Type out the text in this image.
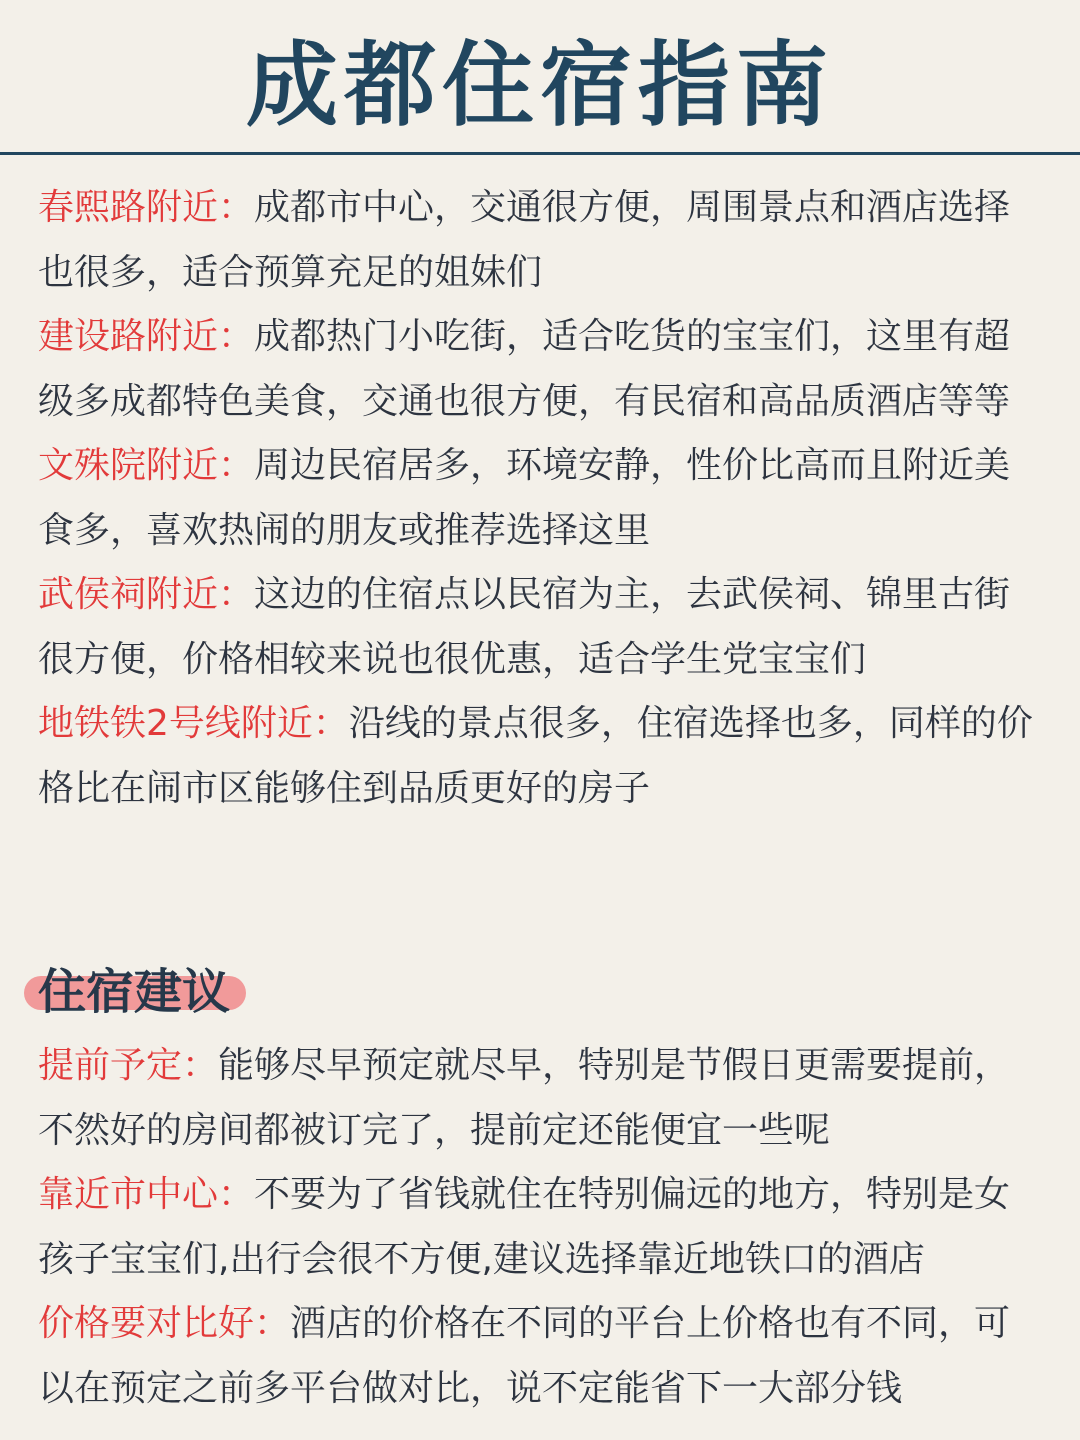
成都住宿指南

春熙路附近：成都市中心，交通很方便，周围景点和酒店选择也很多，适合预算充足的姐妹们

建设路附近：成都热门小吃街，适合吃货的宝宝们，这里有超级多成都特色美食，交通也很方便，有民宿和高品质酒店等等

文殊院附近：周边民宿居多，环境安静，性价比高而且附近美食多，喜欢热闹的朋友或推荐选择这里

武侯祠附近：这边的住宿点以民宿为主，去武侯祠、锦里古街很方便，价格相较来说也很优惠，适合学生党宝宝们

地铁铁2号线附近：沿线的景点很多，住宿选择也多，同样的价格比在闹市区能够住到品质更好的房子

住宿建议

提前予定：能够尽早预定就尽早，特别是节假日更需要提前，不然好的房间都被订完了，提前定还能便宜一些呢

靠近市中心：不要为了省钱就住在特别偏远的地方，特别是女孩子宝宝们,出行会很不方便,建议选择靠近地铁口的酒店

价格要对比好：酒店的价格在不同的平台上价格也有不同，可以在预定之前多平台做对比，说不定能省下一大部分钱
